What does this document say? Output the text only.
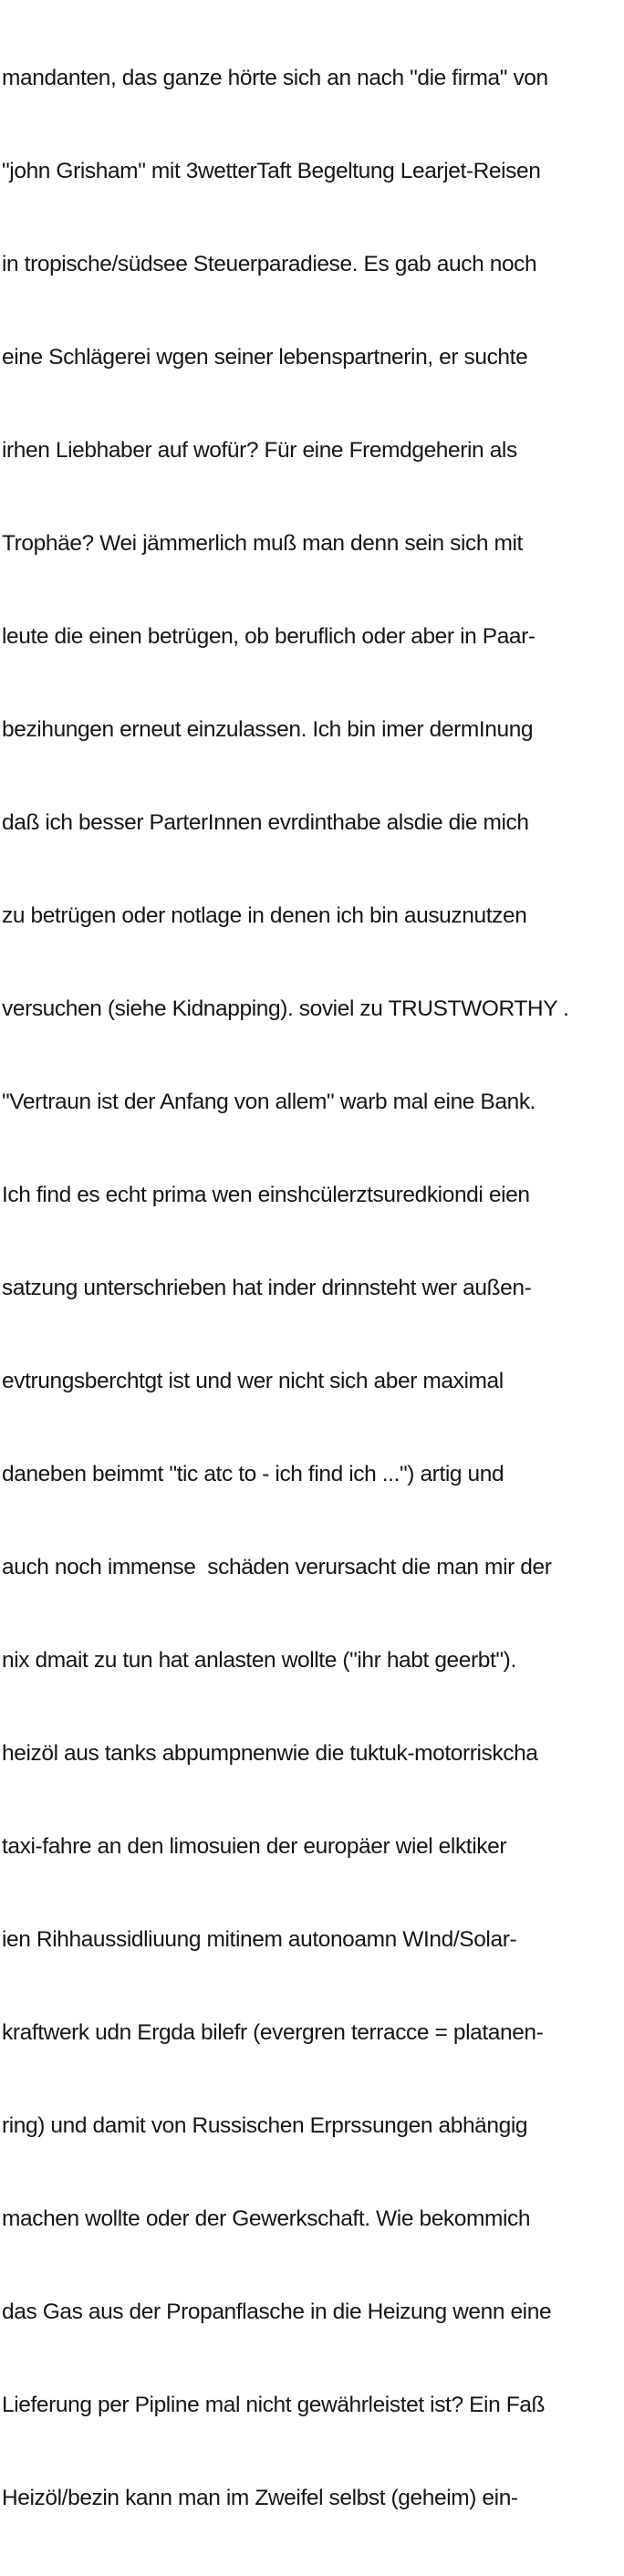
mandanten, das ganze hörte sich an nach "die firma" von

"john Grisham" mit 3wetterTaft Begeltung Learjet-Reisen

in tropische/südsee Steuerparadiese. Es gab auch noch

eine Schlägerei wgen seiner lebenspartnerin, er suchte

irhen Liebhaber auf wofür? Für eine Fremdgeherin als

Trophäe? Wei jämmerlich muß man denn sein sich mit

leute die einen betrügen, ob beruflich oder aber in Paar-

bezihungen erneut einzulassen. Ich bin imer dermInung

daß ich besser ParterInnen evrdinthabe alsdie die mich

zu betrügen oder notlage in denen ich bin ausuznutzen

versuchen (siehe Kidnapping). soviel zu TRUSTWORTHY .

"Vertraun ist der Anfang von allem" warb mal eine Bank.

Ich find es echt prima wen einshcülerztsuredkiondi eien

satzung unterschrieben hat inder drinnsteht wer außen-

evtrungsberchtgt ist und wer nicht sich aber maximal

daneben beimmt "tic atc to - ich find ich ...") artig und

auch noch immense  schäden verursacht die man mir der

nix dmait zu tun hat anlasten wollte ("ihr habt geerbt").

heizöl aus tanks abpumpnenwie die tuktuk-motorriskcha

taxi-fahre an den limosuien der europäer wiel elktiker

ien Rihhaussidliuung mitinem autonoamn WInd/Solar-

kraftwerk udn Ergda bilefr (evergren terracce = platanen-

ring) und damit von Russischen Erprssungen abhängig

machen wollte oder der Gewerkschaft. Wie bekommich

das Gas aus der Propanflasche in die Heizung wenn eine

Lieferung per Pipline mal nicht gewährleistet ist? Ein Faß

Heizöl/bezin kann man im Zweifel selbst (geheim) ein-
